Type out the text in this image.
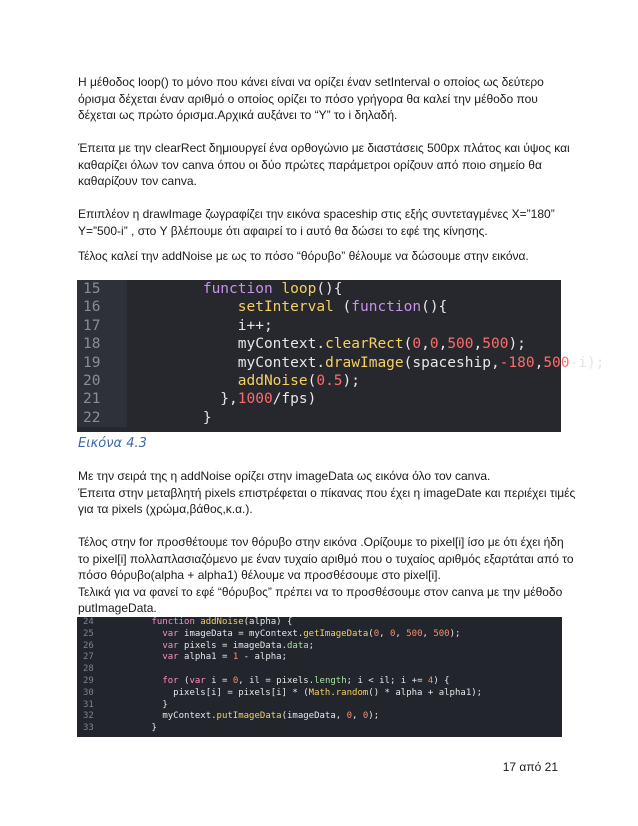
Η μέθοδος loop() το μόνο που κάνει είναι να ορίζει έναν setInterval ο οποίος ως δεύτερο
όρισμα δέχεται έναν αριθμό ο οποίος ορίζει το πόσο γρήγορα θα καλεί την μέθοδο που
δέχεται ως πρώτο όρισμα.Αρχικά αυξάνει το “Y” το i δηλαδή.

Έπειτα με την clearRect δημιουργεί ένα ορθογώνιο με διαστάσεις 500px πλάτος και ύψος και
καθαρίζει όλων τον canva όπου οι δύο πρώτες παράμετροι ορίζουν από ποιο σημείο θα
καθαρίζουν τον canva.

Επιπλέον η drawImage ζωγραφίζει την εικόνα spaceship στις εξής συντεταγμένες X=”180”
Y=”500-i” , στο Y βλέπουμε ότι αφαιρεί το i αυτό θα δώσει το εφέ της κίνησης.

Τέλος καλεί την addNoise με ως το πόσο “θόρυβο” θέλουμε να δώσουμε στην εικόνα.

15	function loop(){
16	setInterval (function(){
17	i++;
18	myContext.clearRect(0,0,500,500);
19	myContext.drawImage(spaceship,-180,500-i);
20	addNoise(0.5);
21	},1000/fps)
22	}
Εικόνα 4.3

Με την σειρά της η addNoise ορίζει στην imageData ως εικόνα όλο τον canva.
Έπειτα στην μεταβλητή pixels επιστρέφεται ο πίκανας που έχει η imageDate και περιέχει τιμές
για τα pixels (χρώμα,βάθος,κ.α.).

Τέλος στην for προσθέτουμε τον θόρυβο στην εικόνα .Ορίζουμε το pixel[i] ίσο με ότι έχει ήδη
το pixel[i] πολλαπλασιαζόμενο με έναν τυχαίο αριθμό που ο τυχαίος αριθμός εξαρτάται από το
πόσο θόρυβο(alpha + alpha1) θέλουμε να προσθέσουμε στο pixel[i].
Τελικά για να φανεί το εφέ “θόρυβος” πρέπει να το προσθέσουμε στον canva με την μέθοδο
putImageData.

24	function addNoise(alpha) {
25	var imageData = myContext.getImageData(0, 0, 500, 500);
26	var pixels = imageData.data;
27	var alpha1 = 1 - alpha;
28
29	for (var i = 0, il = pixels.length; i < il; i += 4) {
30	pixels[i] = pixels[i] * (Math.random() * alpha + alpha1);
31	}
32	myContext.putImageData(imageData, 0, 0);
33	}
17 από 21
